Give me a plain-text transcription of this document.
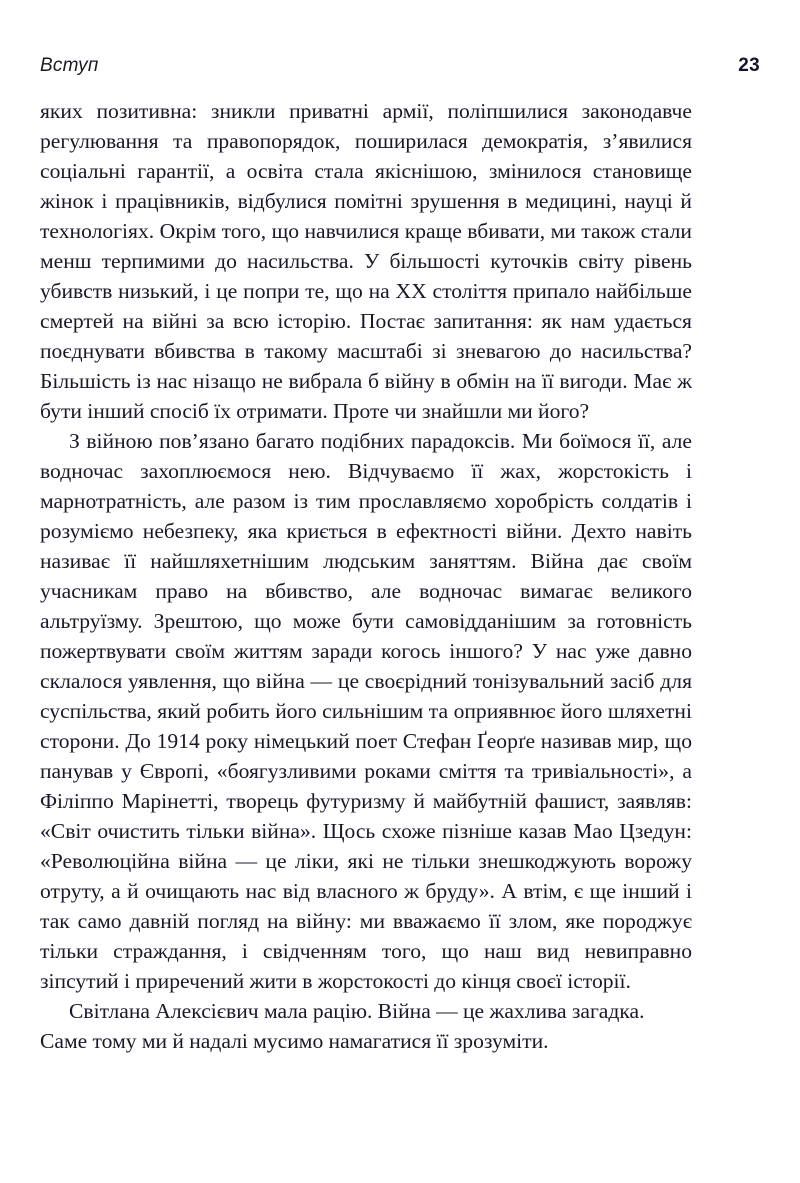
Вступ	23

яких позитивна: зникли приватні армії, поліпшилися законодавче регулювання та правопорядок, поширилася демократія, з’явилися соціальні гарантії, а освіта стала якіснішою, змінилося становище жінок і працівників, відбулися помітні зрушення в медицині, науці й технологіях. Окрім того, що навчилися краще вбивати, ми також стали менш терпимими до насильства. У більшості куточків світу рівень убивств низький, і це попри те, що на XX століття припало найбільше смертей на війні за всю історію. Постає запитання: як нам удається поєднувати вбивства в такому масштабі зі зневагою до насильства? Більшість із нас нізащо не вибрала б війну в обмін на її вигоди. Має ж бути інший спосіб їх отримати. Проте чи знайшли ми його?

З війною пов’язано багато подібних парадоксів. Ми боїмося її, але водночас захоплюємося нею. Відчуваємо її жах, жорстокість і марнотратність, але разом із тим прославляємо хоробрість солдатів і розуміємо небезпеку, яка криється в ефектності війни. Дехто навіть називає її найшляхетнішим людським заняттям. Війна дає своїм учасникам право на вбивство, але водночас вимагає великого альтруїзму. Зрештою, що може бути самовідданішим за готовність пожертвувати своїм життям заради когось іншого? У нас уже давно склалося уявлення, що війна — це своєрідний тонізувальний засіб для суспільства, який робить його сильнішим та оприявнює його шляхетні сторони. До 1914 року німецький поет Стефан Ґеорґе називав мир, що панував у Європі, «боягузливими роками сміття та тривіальності», а Філіппо Марінетті, творець футуризму й майбутній фашист, заявляв: «Світ очистить тільки війна». Щось схоже пізніше казав Мао Цзедун: «Революційна війна — це ліки, які не тільки знешкоджують ворожу отруту, а й очищають нас від власного ж бруду». А втім, є ще інший і так само давній погляд на війну: ми вважаємо її злом, яке породжує тільки страждання, і свідченням того, що наш вид невиправно зіпсутий і приречений жити в жорстокості до кінця своєї історії.

Світлана Алексієвич мала рацію. Війна — це жахлива загадка. Саме тому ми й надалі мусимо намагатися її зрозуміти.
